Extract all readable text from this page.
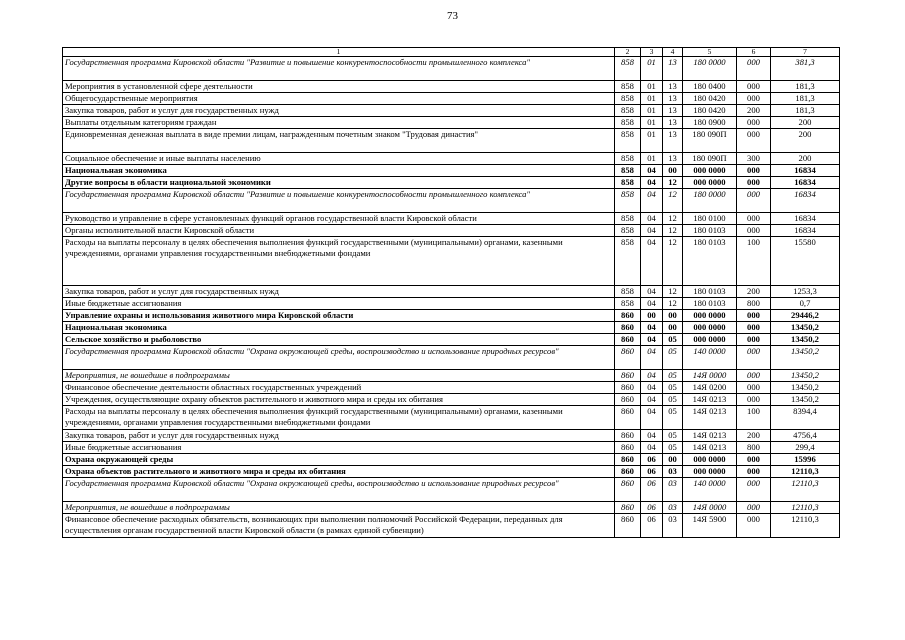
73
1	2	3	4	5	6	7
Государственная программа Кировской области "Развитие и повышение конкурентоспособности промышленного комплекса"	858	01	13	180 0000	000	381,3
Мероприятия в установленной сфере деятельности	858	01	13	180 0400	000	181,3
Общегосударственные мероприятия	858	01	13	180 0420	000	181,3
Закупка товаров, работ и услуг для государственных нужд	858	01	13	180 0420	200	181,3
Выплаты отдельным категориям граждан	858	01	13	180 0900	000	200
Единовременная денежная выплата в виде премии лицам, награжденным почетным знаком "Трудовая династия"	858	01	13	180 090П	000	200
Социальное обеспечение и иные выплаты населению	858	01	13	180 090П	300	200
Национальная экономика	858	04	00	000 0000	000	16834
Другие вопросы в области национальной экономики	858	04	12	000 0000	000	16834
Государственная программа Кировской области "Развитие и повышение конкурентоспособности промышленного комплекса"	858	04	12	180 0000	000	16834
Руководство и управление в сфере установленных функций органов государственной власти Кировской области	858	04	12	180 0100	000	16834
Органы исполнительной власти Кировской области	858	04	12	180 0103	000	16834
Расходы на выплаты персоналу в целях обеспечения выполнения функций государственными (муниципальными) органами, казенными учреждениями, органами управления государственными внебюджетными фондами	858	04	12	180 0103	100	15580
Закупка товаров, работ и услуг для государственных нужд	858	04	12	180 0103	200	1253,3
Иные бюджетные ассигнования	858	04	12	180 0103	800	0,7
Управление охраны и использования животного мира Кировской области	860	00	00	000 0000	000	29446,2
Национальная экономика	860	04	00	000 0000	000	13450,2
Сельское хозяйство и рыболовство	860	04	05	000 0000	000	13450,2
Государственная программа Кировской области "Охрана окружающей среды, воспроизводство и использование природных ресурсов"	860	04	05	140 0000	000	13450,2
Мероприятия, не вошедшие в подпрограммы	860	04	05	14Я 0000	000	13450,2
Финансовое обеспечение деятельности областных государственных учреждений	860	04	05	14Я 0200	000	13450,2
Учреждения, осуществляющие охрану объектов растительного и животного мира и среды их обитания	860	04	05	14Я 0213	000	13450,2
Расходы на выплаты персоналу в целях обеспечения выполнения функций государственными (муниципальными) органами, казенными учреждениями, органами управления государственными внебюджетными фондами	860	04	05	14Я 0213	100	8394,4
Закупка товаров, работ и услуг для государственных нужд	860	04	05	14Я 0213	200	4756,4
Иные бюджетные ассигнования	860	04	05	14Я 0213	800	299,4
Охрана окружающей среды	860	06	00	000 0000	000	15996
Охрана объектов растительного и животного мира и среды их обитания	860	06	03	000 0000	000	12110,3
Государственная программа Кировской области "Охрана окружающей среды, воспроизводство и использование природных ресурсов"	860	06	03	140 0000	000	12110,3
Мероприятия, не вошедшие в подпрограммы	860	06	03	14Я 0000	000	12110,3
Финансовое обеспечение расходных обязательств, возникающих при выполнении полномочий Российской Федерации, переданных для осуществления органам государственной власти Кировской области (в рамках единой субвенции)	860	06	03	14Я 5900	000	12110,3
